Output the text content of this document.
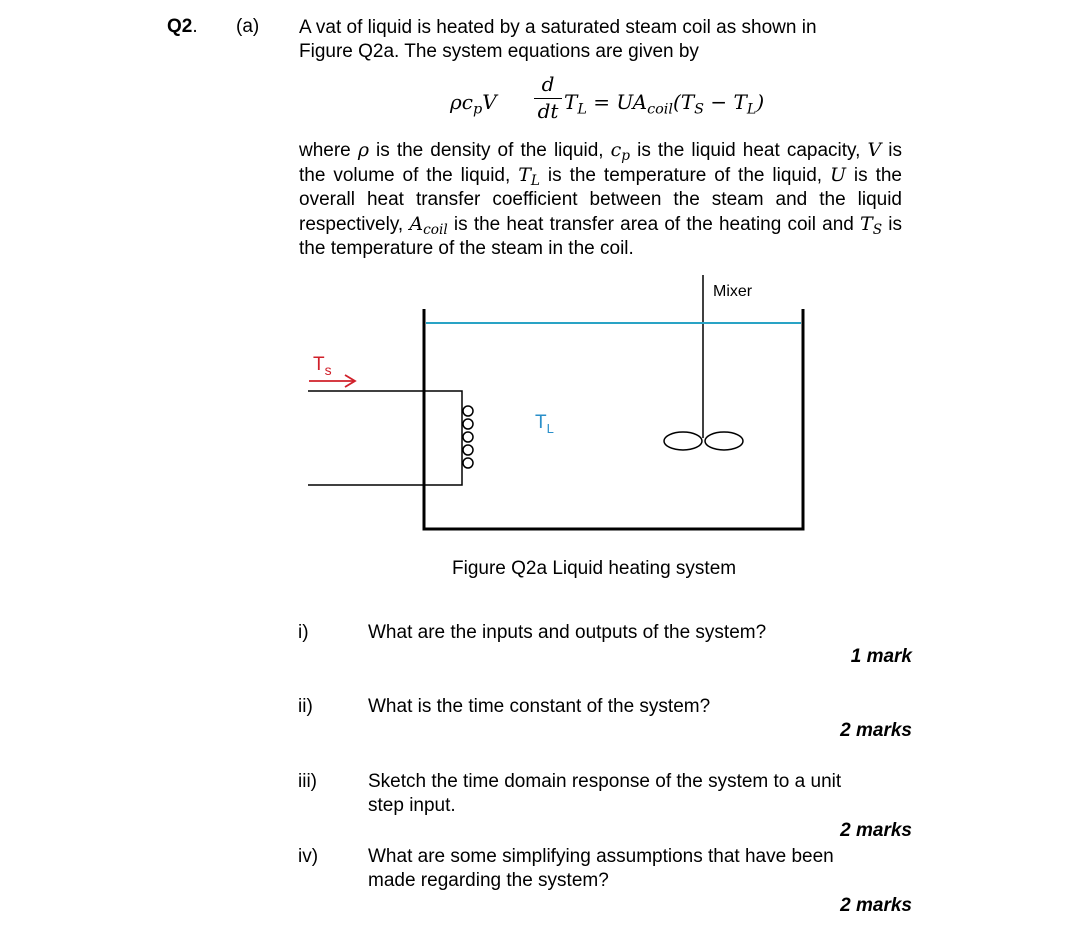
Q2. (a) A vat of liquid is heated by a saturated steam coil as shown in
Figure Q2a. The system equations are given by
$\rho c_pV$
d
dt $T_L = UA_{coil}(T_S - T_L)$
where ρ is the density of the liquid, $c_p$ is the liquid heat capacity, V is the volume of the liquid, $T_L$ is the temperature of the liquid, U is the overall heat transfer coefficient between the steam and the liquid respectively, $A_{coil}$ is the heat transfer area of the heating coil and $T_S$ is the temperature of the steam in the coil.
Mixer
$T_s$
$T_L$
Figure Q2a Liquid heating system
i)	What are the inputs and outputs of the system?
1 mark
ii)	What is the time constant of the system?
2 marks
iii)	Sketch the time domain response of the system to a unit
step input.
2 marks
iv)	What are some simplifying assumptions that have been
made regarding the system?
2 marks
